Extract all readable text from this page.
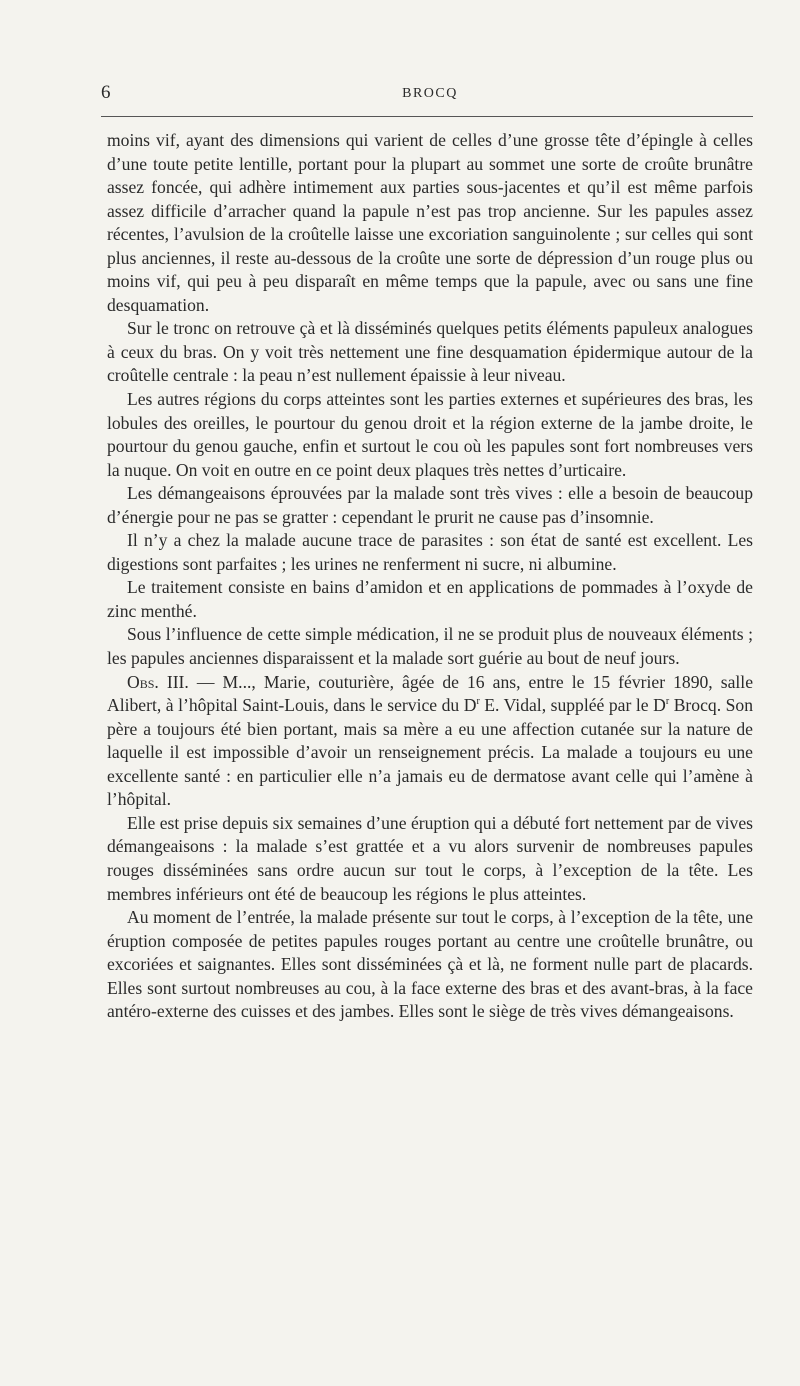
6	BROCQ

moins vif, ayant des dimensions qui varient de celles d’une grosse tête d’épingle à celles d’une toute petite lentille, portant pour la plupart au sommet une sorte de croûte brunâtre assez foncée, qui adhère intimement aux parties sous-jacentes et qu’il est même parfois assez difficile d’arracher quand la papule n’est pas trop ancienne. Sur les papules assez récentes, l’avulsion de la croûtelle laisse une excoriation sanguinolente ; sur celles qui sont plus anciennes, il reste au-dessous de la croûte une sorte de dépression d’un rouge plus ou moins vif, qui peu à peu disparaît en même temps que la papule, avec ou sans une fine desquamation.

Sur le tronc on retrouve çà et là disséminés quelques petits éléments papuleux analogues à ceux du bras. On y voit très nettement une fine desquamation épidermique autour de la croûtelle centrale : la peau n’est nullement épaissie à leur niveau.

Les autres régions du corps atteintes sont les parties externes et supérieures des bras, les lobules des oreilles, le pourtour du genou droit et la région externe de la jambe droite, le pourtour du genou gauche, enfin et surtout le cou où les papules sont fort nombreuses vers la nuque. On voit en outre en ce point deux plaques très nettes d’urticaire.

Les démangeaisons éprouvées par la malade sont très vives : elle a besoin de beaucoup d’énergie pour ne pas se gratter : cependant le prurit ne cause pas d’insomnie.

Il n’y a chez la malade aucune trace de parasites : son état de santé est excellent. Les digestions sont parfaites ; les urines ne renferment ni sucre, ni albumine.

Le traitement consiste en bains d’amidon et en applications de pommades à l’oxyde de zinc menthé.

Sous l’influence de cette simple médication, il ne se produit plus de nouveaux éléments ; les papules anciennes disparaissent et la malade sort guérie au bout de neuf jours.

Obs. III. — M..., Marie, couturière, âgée de 16 ans, entre le 15 février 1890, salle Alibert, à l’hôpital Saint-Louis, dans le service du $D^r$ E. Vidal, suppléé par le $D^r$ Brocq. Son père a toujours été bien portant, mais sa mère a eu une affection cutanée sur la nature de laquelle il est impossible d’avoir un renseignement précis. La malade a toujours eu une excellente santé : en particulier elle n’a jamais eu de dermatose avant celle qui l’amène à l’hôpital.

Elle est prise depuis six semaines d’une éruption qui a débuté fort nettement par de vives démangeaisons : la malade s’est grattée et a vu alors survenir de nombreuses papules rouges disséminées sans ordre aucun sur tout le corps, à l’exception de la tête. Les membres inférieurs ont été de beaucoup les régions le plus atteintes.

Au moment de l’entrée, la malade présente sur tout le corps, à l’exception de la tête, une éruption composée de petites papules rouges portant au centre une croûtelle brunâtre, ou excoriées et saignantes. Elles sont disséminées çà et là, ne forment nulle part de placards. Elles sont surtout nombreuses au cou, à la face externe des bras et des avant-bras, à la face antéro-externe des cuisses et des jambes. Elles sont le siège de très vives démangeaisons.
